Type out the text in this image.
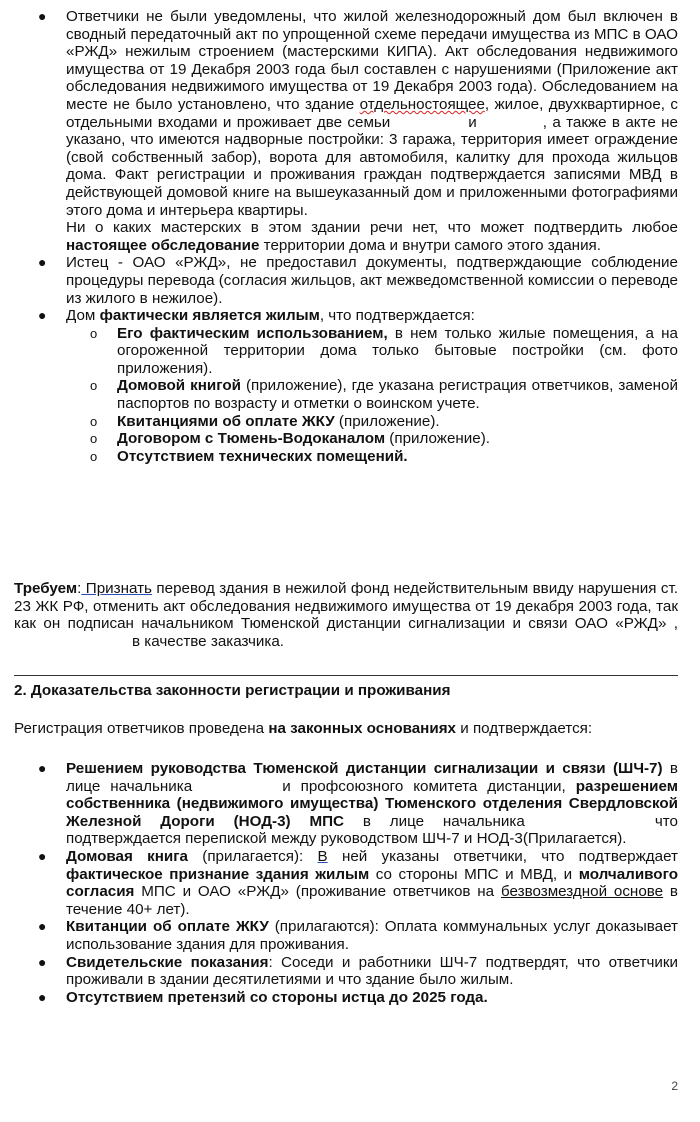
● Ответчики не были уведомлены, что жилой железнодорожный дом был включен в сводный передаточный акт по упрощенной схеме передачи имущества из МПС в ОАО «РЖД» нежилым строением (мастерскими КИПА). Акт обследования недвижимого имущества от 19 Декабря 2003 года был составлен с нарушениями (Приложение акт обследования недвижимого имущества от 19 Декабря 2003 года). Обследованием на месте не было установлено, что здание отдельностоящее, жилое, двухквартирное, с отдельными входами и проживает две семьи	и	, а также в акте не указано, что имеются надворные постройки: 3 гаража, территория имеет ограждение (свой собственный забор), ворота для автомобиля, калитку для прохода жильцов дома. Факт регистрации и проживания граждан подтверждается записями МВД в действующей домовой книге на вышеуказанный дом и приложенными фотографиями этого дома и интерьера квартиры.
Ни о каких мастерских в этом здании речи нет, что может подтвердить любое настоящее обследование территории дома и внутри самого этого здания.
● Истец - ОАО «РЖД», не предоставил документы, подтверждающие соблюдение процедуры перевода (согласия жильцов, акт межведомственной комиссии о переводе из жилого в нежилое).
● Дом фактически является жилым, что подтверждается:
o Его фактическим использованием, в нем только жилые помещения, а на огороженной территории дома только бытовые постройки (см. фото приложения).
o Домовой книгой (приложение), где указана регистрация ответчиков, заменой паспортов по возрасту и отметки о воинском учете.
o Квитанциями об оплате ЖКУ (приложение).
o Договором с Тюмень-Водоканалом (приложение).
o Отсутствием технических помещений.
Требуем: Признать перевод здания в нежилой фонд недействительным ввиду нарушения ст. 23 ЖК РФ, отменить акт обследования недвижимого имущества от 19 декабря 2003 года, так как он подписан начальником Тюменской дистанции сигнализации и связи ОАО «РЖД» ,в качестве заказчика.
2. Доказательства законности регистрации и проживания
Регистрация ответчиков проведена на законных основаниях и подтверждается:
● Решением руководства Тюменской дистанции сигнализации и связи (ШЧ-7) в лице начальника	и профсоюзного комитета дистанции, разрешением собственника (недвижимого имущества) Тюменского отделения Свердловской Железной Дороги (НОД-3) МПС в лице начальника	что подтверждается перепиской между руководством ШЧ-7 и НОД-3(Прилагается).
● Домовая книга (прилагается): В ней указаны ответчики, что подтверждает фактическое признание здания жилым со стороны МПС и МВД, и молчаливого согласия МПС и ОАО «РЖД» (проживание ответчиков на безвозмездной основе в течение 40+ лет).
● Квитанции об оплате ЖКУ (прилагаются): Оплата коммунальных услуг доказывает использование здания для проживания.
● Свидетельские показания: Соседи и работники ШЧ-7 подтвердят, что ответчики проживали в здании десятилетиями и что здание было жилым.
● Отсутствием претензий со стороны истца до 2025 года.
2
